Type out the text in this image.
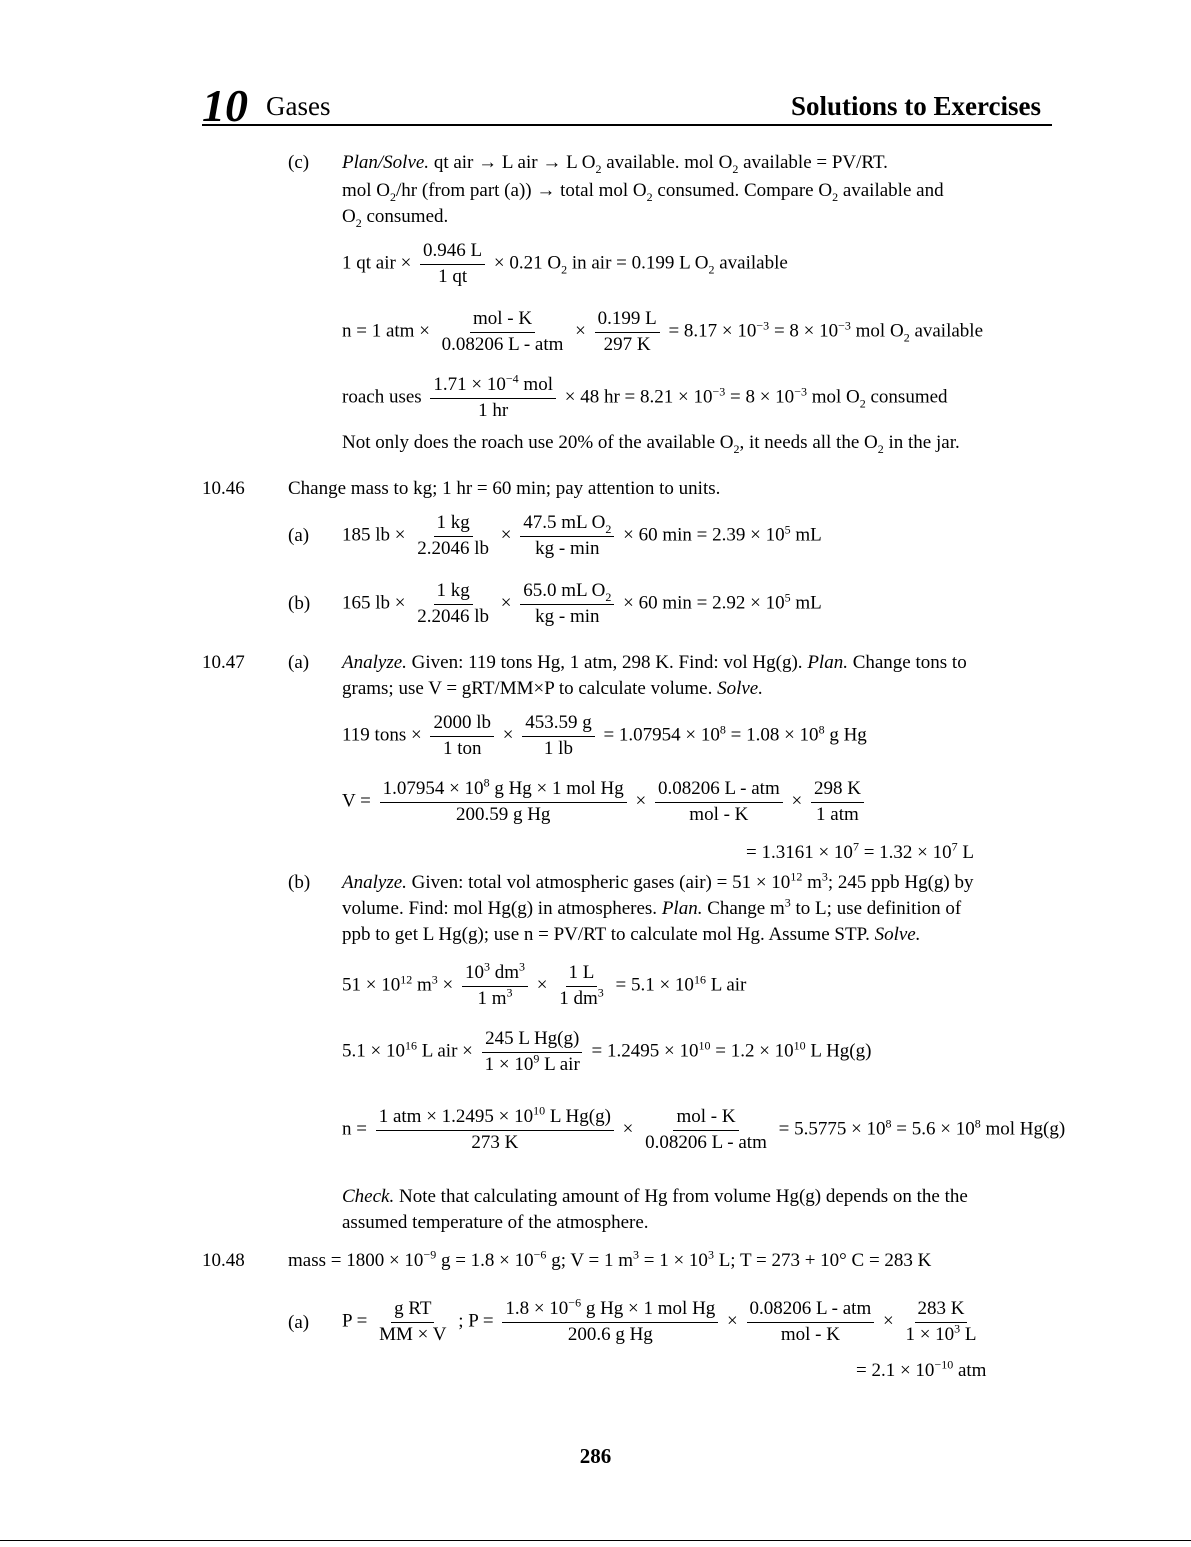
10 Gases	Solutions to Exercises
(c) Plan/Solve. qt air → L air → L $O_2$ available. mol $O_2$ available = PV/RT.
mol $O_2/hr$ (from part (a)) → total mol $O_2$ consumed. Compare $O_2$ available and
$O_2$ consumed.
1 qt air × $\frac{0.946 L}{1 qt} \times 0.21$ $O_2$ in air = 0.199 L $O_2$ available
n = 1 atm × $\frac{\text{mol - K}}{\text{0.08206 L - atm}} \times \frac{0.199 L}{297 K} = 8.17 \times 10^{-3} = 8 \times 10^{-3}$ mol $O_2$ available
roach uses $\frac{1.71 \times 10^{-4} mol}{1 hr} \times 48$ hr = $8.21 \times 10^{-3} = 8 \times 10^{-3}$ mol $O_2$ consumed
Not only does the roach use 20% of the available $O_2$, it needs all the $O_2$ in the jar.
10.46 Change mass to kg; 1 hr = 60 min; pay attention to units.
(a) 185 lb × $\frac{1 kg}{2.2046 lb} \times \frac{47.5 mL O_2}{kg - \min} \times 60$ $\min = 2.39 \times 10^5$ mL
(b) 165 lb × $\frac{1 kg}{2.2046 lb} \times \frac{65.0 mL O_2}{kg - \min} \times 60$ $\min = 2.92 \times 10^5$ mL
10.47 (a) Analyze. Given: 119 tons Hg, 1 atm, 298 K. Find: vol Hg(g). Plan. Change tons to
grams; use V = gRT/MM×P to calculate volume. Solve.
119 tons × $\frac{2000 lb}{\text{1 ton}} \times \frac{453.59 g}{1 lb} = 1.07954 \times 10^8 = 1.08 \times 10^8$ g Hg
$V = \frac{1.07954 \times 10^8 g Hg \times 1 mol Hg}{\text{200.59 g Hg}} \times \frac{\text{0.08206 L - atm}}{\text{mol - K}} \times \frac{298 K}{\text{1 atm}}$
= $1.3161 \times 10^7 = 1.32 \times 10^7$ L
(b) Analyze. Given: total vol atmospheric gases $(air) = 51 \times 10^{12}$ $m^3$; 245 ppb Hg(g) by
volume. Find: mol Hg(g) in atmospheres. Plan. Change $m^3$ to L; use definition of
ppb to get L Hg(g); use n = PV/RT to calculate mol Hg. Assume STP. Solve.
$51 \times 10^{12}$ $m^3 \times \frac{10^3 dm^3}{1 m^3} \times \frac{1 L}{1 dm^3} = 5.1 \times 10^{16}$ L air
$5.1 \times 10^{16}$ L air × $\frac{\text{245 L Hg(g)}}{1 \times 10^9 L air} = 1.2495 \times 10^{10} = 1.2 \times 10^{10}$ L Hg(g)
$n = \frac{1 atm \times 1.2495 \times 10^{10} L Hg(g)}{273 K} \times \frac{\text{mol - K}}{\text{0.08206 L - atm}} = 5.5775 \times 10^8 = 5.6 \times 10^8$ mol Hg(g)
Check. Note that calculating amount of Hg from volume Hg(g) depends on the the
assumed temperature of the atmosphere.
10.48 mass = $1800 \times 10^{-9}$ $g = 1.8 \times 10^{-6}$ g; V = 1 $m^3 = 1 \times 10^3$ L; T = 273 + 10° C = 283 K
(a) $P = \frac{\text{g RT}}{MM \times V}$ ; $P = \frac{1.8 \times 10^{-6} g Hg \times 1 mol Hg}{\text{200.6 g Hg}} \times \frac{\text{0.08206 L - atm}}{\text{mol - K}} \times \frac{283 K}{1 \times 10^3 L}$
= $2.1 \times 10^{-10}$ atm
286
